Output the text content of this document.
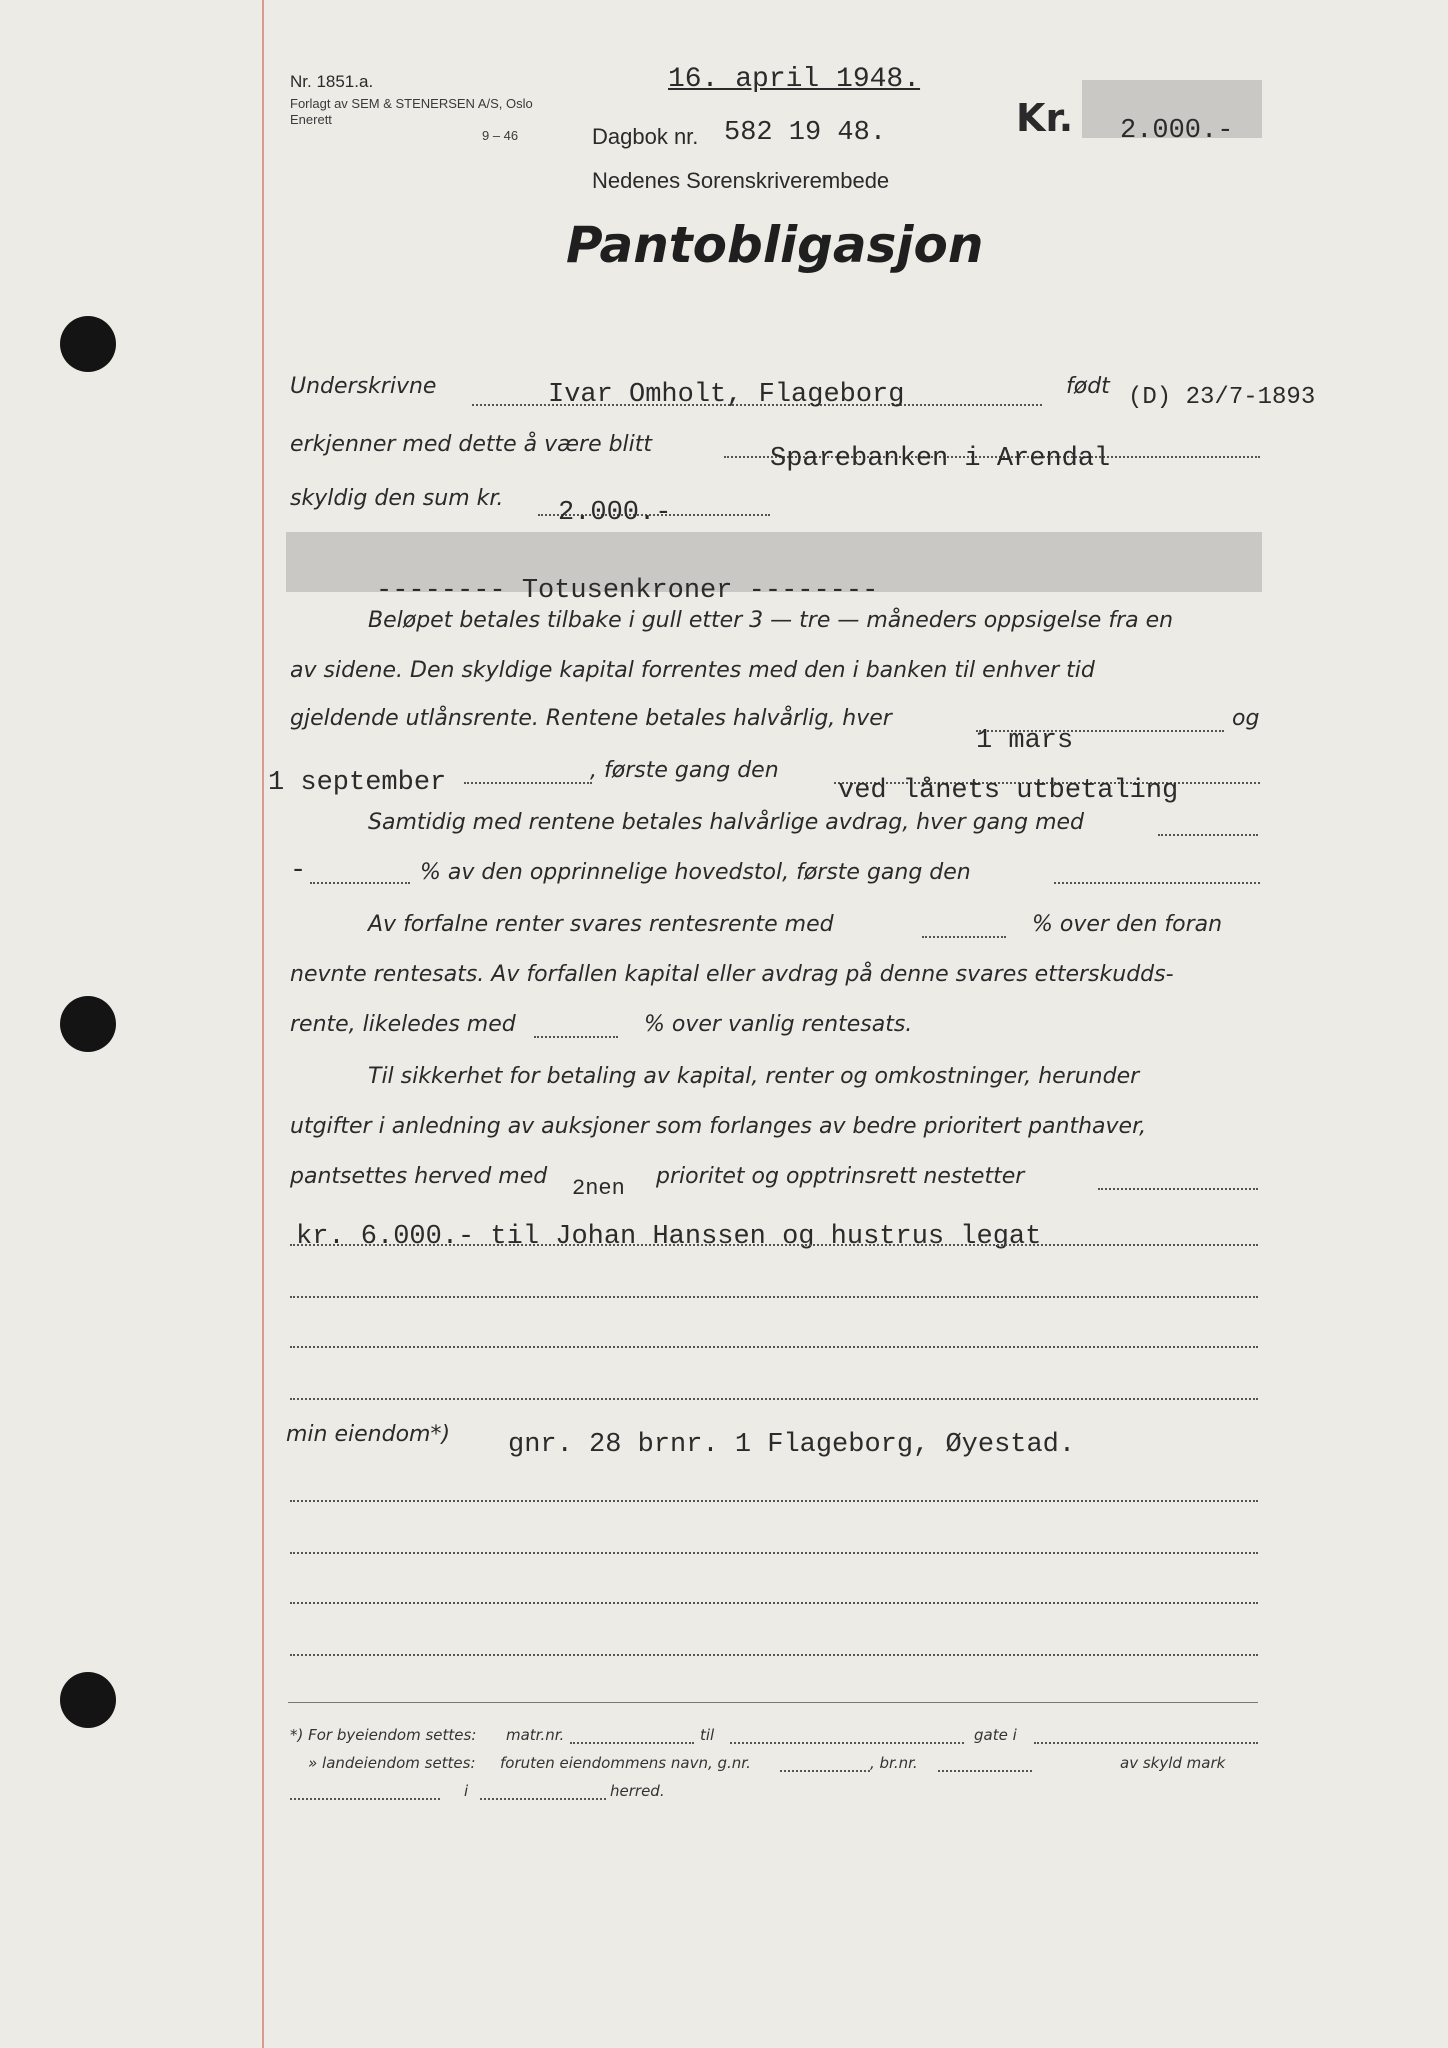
Nr. 1851.a.
Forlagt av SEM & STENERSEN A/S, Oslo
Enerett
9 – 46
16. april 1948.
Dagbok nr. 582 19 48.
Nedenes Sorenskriverembede
Kr. 2.000.-
Pantobligasjon
Underskrivne	Ivar Omholt, Flageborg	født (D) 23/7-1893
erkjenner med dette å være blitt	Sparebanken i Arendal
skyldig den sum kr. 2.000.-
-------- Totusenkroner --------
Beløpet betales tilbake i gull etter 3 — tre — måneders oppsigelse fra en
av sidene. Den skyldige kapital forrentes med den i banken til enhver tid
gjeldende utlånsrente. Rentene betales halvårlig, hver	og
1 mars
1 september	, første gang den
ved lånets utbetaling
Samtidig med rentene betales halvårlige avdrag, hver gang med
-	% av den opprinnelige hovedstol, første gang den
Av forfalne renter svares rentesrente med	% over den foran
nevnte rentesats. Av forfallen kapital eller avdrag på denne svares etterskudds-
rente, likeledes med	% over vanlig rentesats.
Til sikkerhet for betaling av kapital, renter og omkostninger, herunder
utgifter i anledning av auksjoner som forlanges av bedre prioritert panthaver,
pantsettes herved med 2nen prioritet og opptrinsrett nestetter
kr. 6.000.- til Johan Hanssen og hustrus legat
min eiendom*) gnr. 28 brnr. 1 Flageborg, Øyestad.
*) For byeiendom settes: matr.nr.	til	gate i
» landeiendom settes: foruten eiendommens navn, g.nr.	, br.nr.	av skyld mark
i	herred.
